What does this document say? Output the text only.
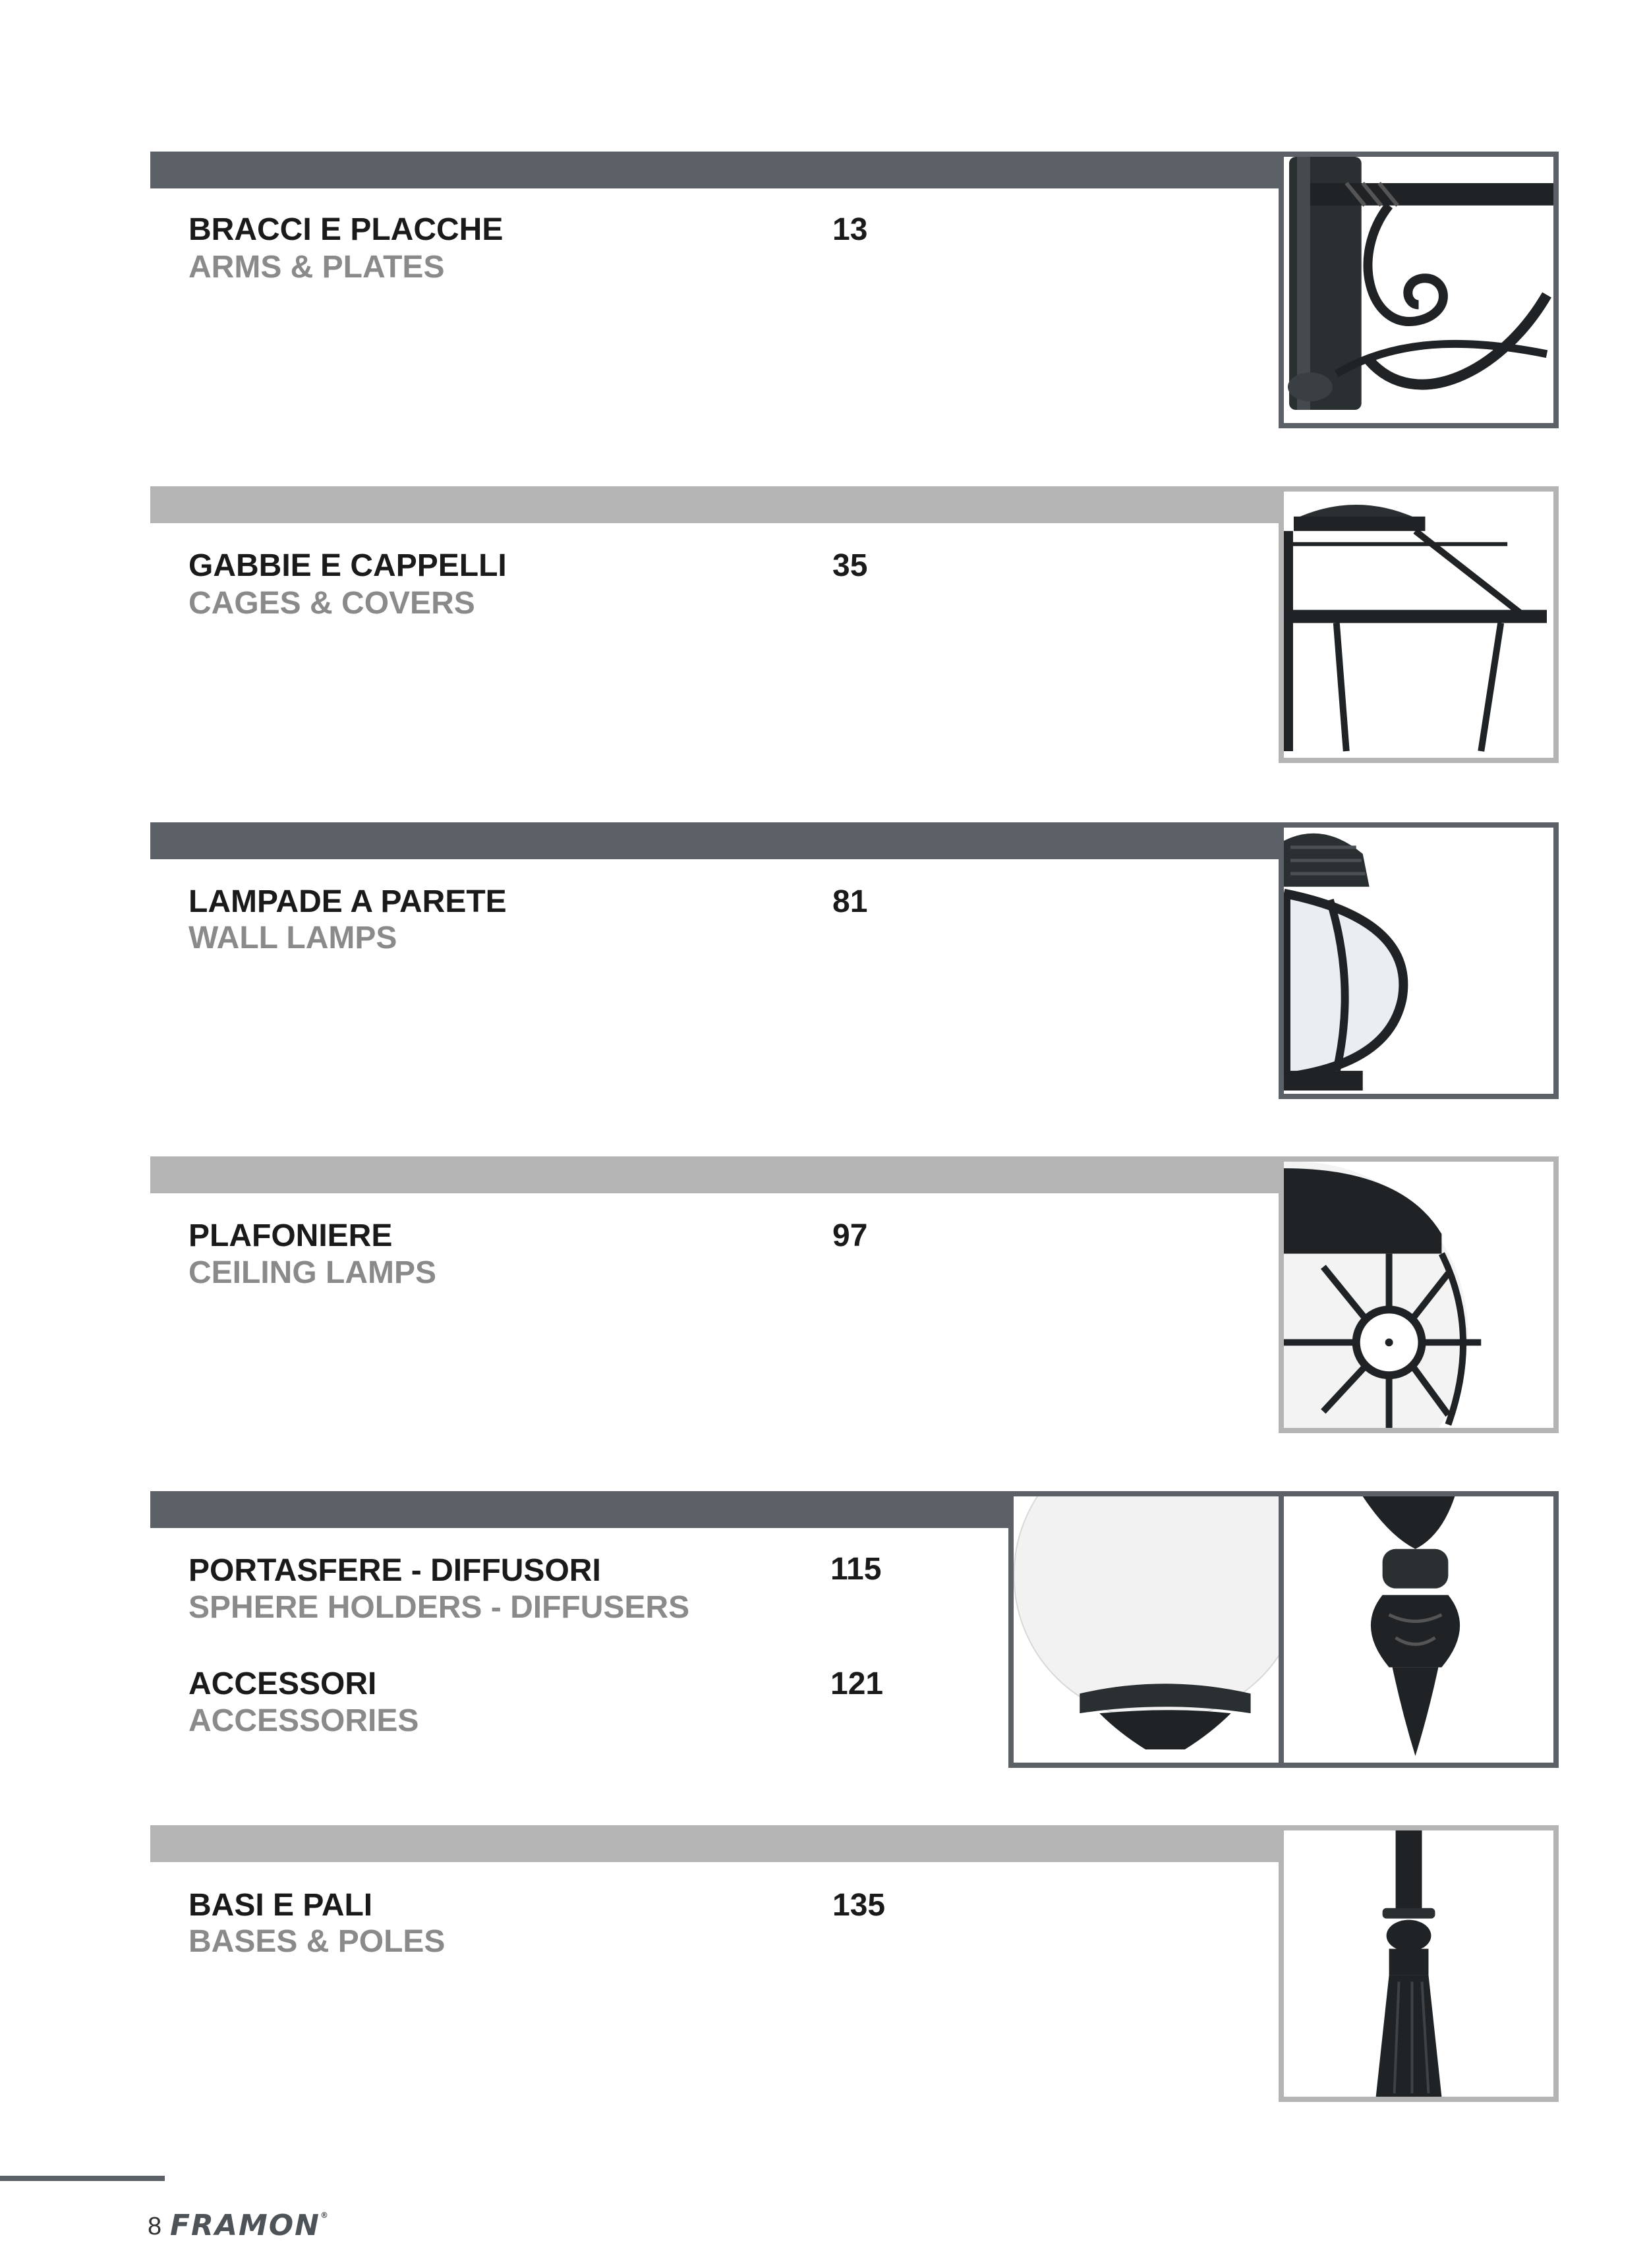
BRACCI E PLACCHE
ARMS & PLATES
13
GABBIE E CAPPELLI
CAGES & COVERS
35
LAMPADE A PARETE
WALL LAMPS
81
PLAFONIERE
CEILING LAMPS
97
PORTASFERE - DIFFUSORI
SPHERE HOLDERS - DIFFUSERS
115
ACCESSORI
ACCESSORIES
121
BASI E PALI
BASES & POLES
135
8 FRAMON®
